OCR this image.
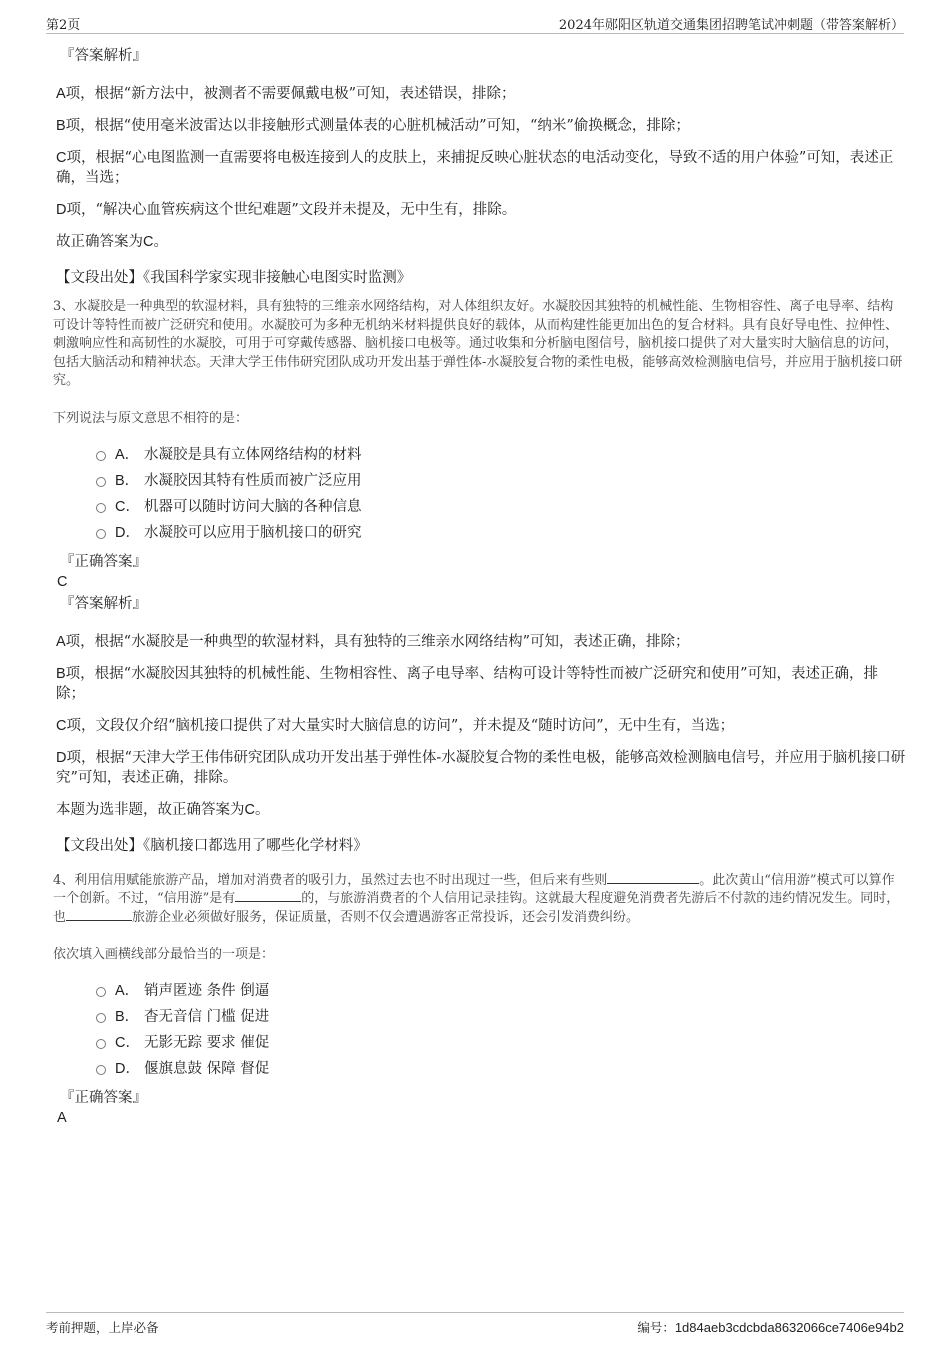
第2页	2024年郧阳区轨道交通集团招聘笔试冲刺题（带答案解析）
『答案解析』
A项，根据“新方法中，被测者不需要佩戴电极”可知，表述错误，排除；
B项，根据“使用毫米波雷达以非接触形式测量体表的心脏机械活动”可知，“纳米”偷换概念，排除；
C项，根据“心电图监测一直需要将电极连接到人的皮肤上，来捕捉反映心脏状态的电活动变化，导致不适的用户体验”可知，表述正确，当选；
D项，“解决心血管疾病这个世纪难题”文段并未提及，无中生有，排除。
故正确答案为C。
【文段出处】《我国科学家实现非接触心电图实时监测》
3、水凝胶是一种典型的软湿材料，具有独特的三维亲水网络结构，对人体组织友好。水凝胶因其独特的机械性能、生物相容性、离子电导率、结构可设计等特性而被广泛研究和使用。水凝胶可为多种无机纳米材料提供良好的载体，从而构建性能更加出色的复合材料。具有良好导电性、拉伸性、刺激响应性和高韧性的水凝胶，可用于可穿戴传感器、脑机接口电极等。通过收集和分析脑电图信号，脑机接口提供了对大量实时大脑信息的访问，包括大脑活动和精神状态。天津大学王伟伟研究团队成功开发出基于弹性体-水凝胶复合物的柔性电极，能够高效检测脑电信号，并应用于脑机接口研究。
下列说法与原文意思不相符的是：
A． 水凝胶是具有立体网络结构的材料
B． 水凝胶因其特有性质而被广泛应用
C． 机器可以随时访问大脑的各种信息
D． 水凝胶可以应用于脑机接口的研究
『正确答案』
C
『答案解析』
A项，根据“水凝胶是一种典型的软湿材料，具有独特的三维亲水网络结构”可知，表述正确，排除；
B项，根据“水凝胶因其独特的机械性能、生物相容性、离子电导率、结构可设计等特性而被广泛研究和使用”可知，表述正确，排除；
C项，文段仅介绍“脑机接口提供了对大量实时大脑信息的访问”，并未提及“随时访问”，无中生有，当选；
D项，根据“天津大学王伟伟研究团队成功开发出基于弹性体-水凝胶复合物的柔性电极，能够高效检测脑电信号，并应用于脑机接口研究”可知，表述正确，排除。
本题为选非题，故正确答案为C。
【文段出处】《脑机接口都选用了哪些化学材料》
4、利用信用赋能旅游产品，增加对消费者的吸引力，虽然过去也不时出现过一些，但后来有些则	。此次黄山“信用游”模式可以算作一个创新。不过，“信用游”是有	的，与旅游消费者的个人信用记录挂钩。这就最大程度避免消费者先游后不付款的违约情况发生。同时，也	旅游企业必须做好服务，保证质量，否则不仅会遭遇游客正常投诉，还会引发消费纠纷。
依次填入画横线部分最恰当的一项是：
A． 销声匿迹 条件 倒逼
B． 杳无音信 门槛 促进
C． 无影无踪 要求 催促
D． 偃旗息鼓 保障 督促
『正确答案』
A
考前押题，上岸必备	编号：1d84aeb3cdcbda8632066ce7406e94b2
